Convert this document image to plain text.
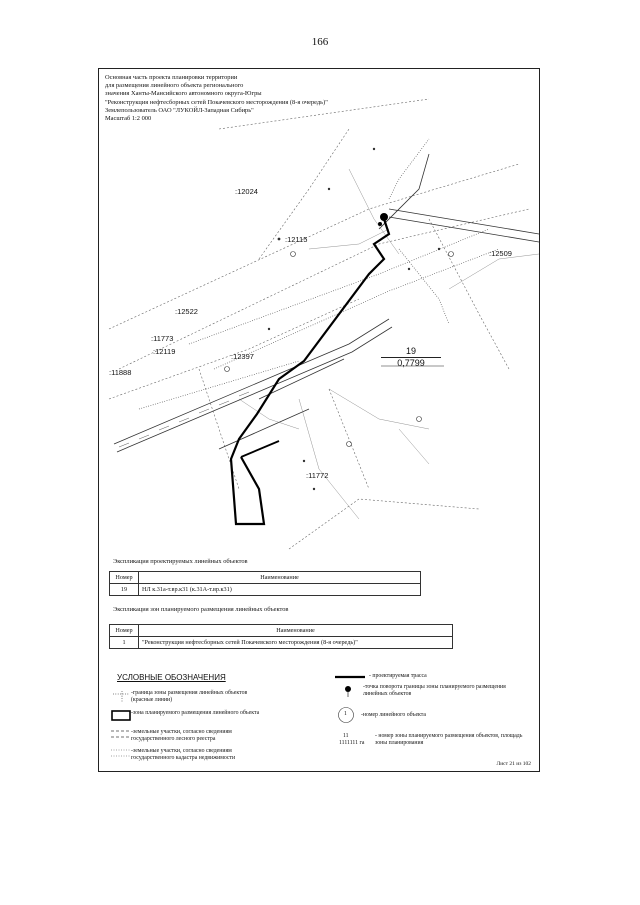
166
:12024
:12115
:12509
:12522
:11773
:12119
:12397
:11888
:11772
19
0,7799
Основная часть проекта планировки территории
для размещения линейного объекта регионального
значения Ханты-Мансийского автономного округа-Югры
"Реконструкция нефтесборных сетей Покачевского месторождения (8-я очередь)"
Землепользователь ОАО "ЛУКОЙЛ-Западная Сибирь"
Масштаб 1:2 000
Экспликация проектируемых линейных объектов
Номер	Наименование
19	НЛ к.31а-т.вр.к31 (к.31А-т.вр.к31)
Экспликация зон планируемого размещения линейных объектов
Номер	Наименование
1	"Реконструкция нефтесборных сетей Покачевского месторождения (8-я очередь)"
УСЛОВНЫЕ ОБОЗНАЧЕНИЯ
-граница зоны размещения линейных объектов (красные линии)
-зона планируемого размещения линейного объекта
-земельные участки, согласно сведениям государственного лесного реестра
-земельные участки, согласно сведениям государственного кадастра недвижимости
- проектируемая трасса
-точка поворота границы зоны планируемого размещения линейных объектов
1 -номер линейного объекта
11
1111111 га
- номер зоны планируемого размещения объектов, площадь зоны планирования
Лист 21 из 102
